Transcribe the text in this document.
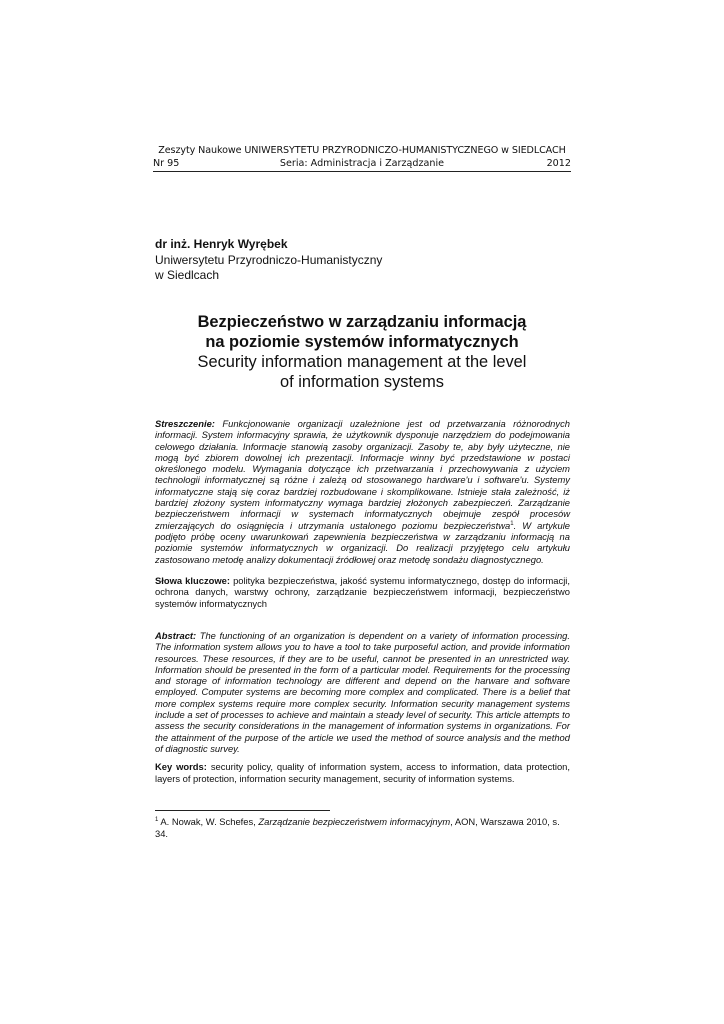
Zeszyty Naukowe UNIWERSYTETU PRZYRODNICZO-HUMANISTYCZNEGO w SIEDLCACH
Nr 95	Seria: Administracja i Zarządzanie	2012
dr inż. Henryk Wyrębek
Uniwersytetu Przyrodniczo-Humanistyczny
w Siedlcach
Bezpieczeństwo w zarządzaniu informacją
na poziomie systemów informatycznych
Security information management at the level
of information systems
Streszczenie: Funkcjonowanie organizacji uzależnione jest od przetwarzania różnorodnych informacji. System informacyjny sprawia, że użytkownik dysponuje narzędziem do podejmowania celowego działania. Informacje stanowią zasoby organizacji. Zasoby te, aby były użyteczne, nie mogą być zbiorem dowolnej ich prezentacji. Informacje winny być przedstawione w postaci określonego modelu. Wymagania dotyczące ich przetwarzania i przechowywania z użyciem technologii informatycznej są różne i zależą od stosowanego hardware'u i software'u. Systemy informatyczne stają się coraz bardziej rozbudowane i skomplikowane. Istnieje stała zależność, iż bardziej złożony system informatyczny wymaga bardziej złożonych zabezpieczeń. Zarządzanie bezpieczeństwem informacji w systemach informatycznych obejmuje zespół procesów zmierzających do osiągnięcia i utrzymania ustalonego poziomu bezpieczeństwa$^1$. W artykule podjęto próbę oceny uwarunkowań zapewnienia bezpieczeństwa w zarządzaniu informacją na poziomie systemów informatycznych w organizacji. Do realizacji przyjętego celu artykułu zastosowano metodę analizy dokumentacji źródłowej oraz metodę sondażu diagnostycznego.
Słowa kluczowe: polityka bezpieczeństwa, jakość systemu informatycznego, dostęp do informacji, ochrona danych, warstwy ochrony, zarządzanie bezpieczeństwem informacji, bezpieczeństwo systemów informatycznych
Abstract: The functioning of an organization is dependent on a variety of information processing. The information system allows you to have a tool to take purposeful action, and provide information resources. These resources, if they are to be useful, cannot be presented in an unrestricted way. Information should be presented in the form of a particular model. Requirements for the processing and storage of information technology are different and depend on the harware and software employed. Computer systems are becoming more complex and complicated. There is a belief that more complex systems require more complex security. Information security management systems include a set of processes to achieve and maintain a steady level of security. This article attempts to assess the security considerations in the management of information systems in organizations. For the attainment of the purpose of the article we used the method of source analysis and the method of diagnostic survey.
Key words: security policy, quality of information system, access to information, data protection, layers of protection, information security management, security of information systems.
$^1$ A. Nowak, W. Schefes, Zarządzanie bezpieczeństwem informacyjnym, AON, Warszawa 2010, s. 34.
